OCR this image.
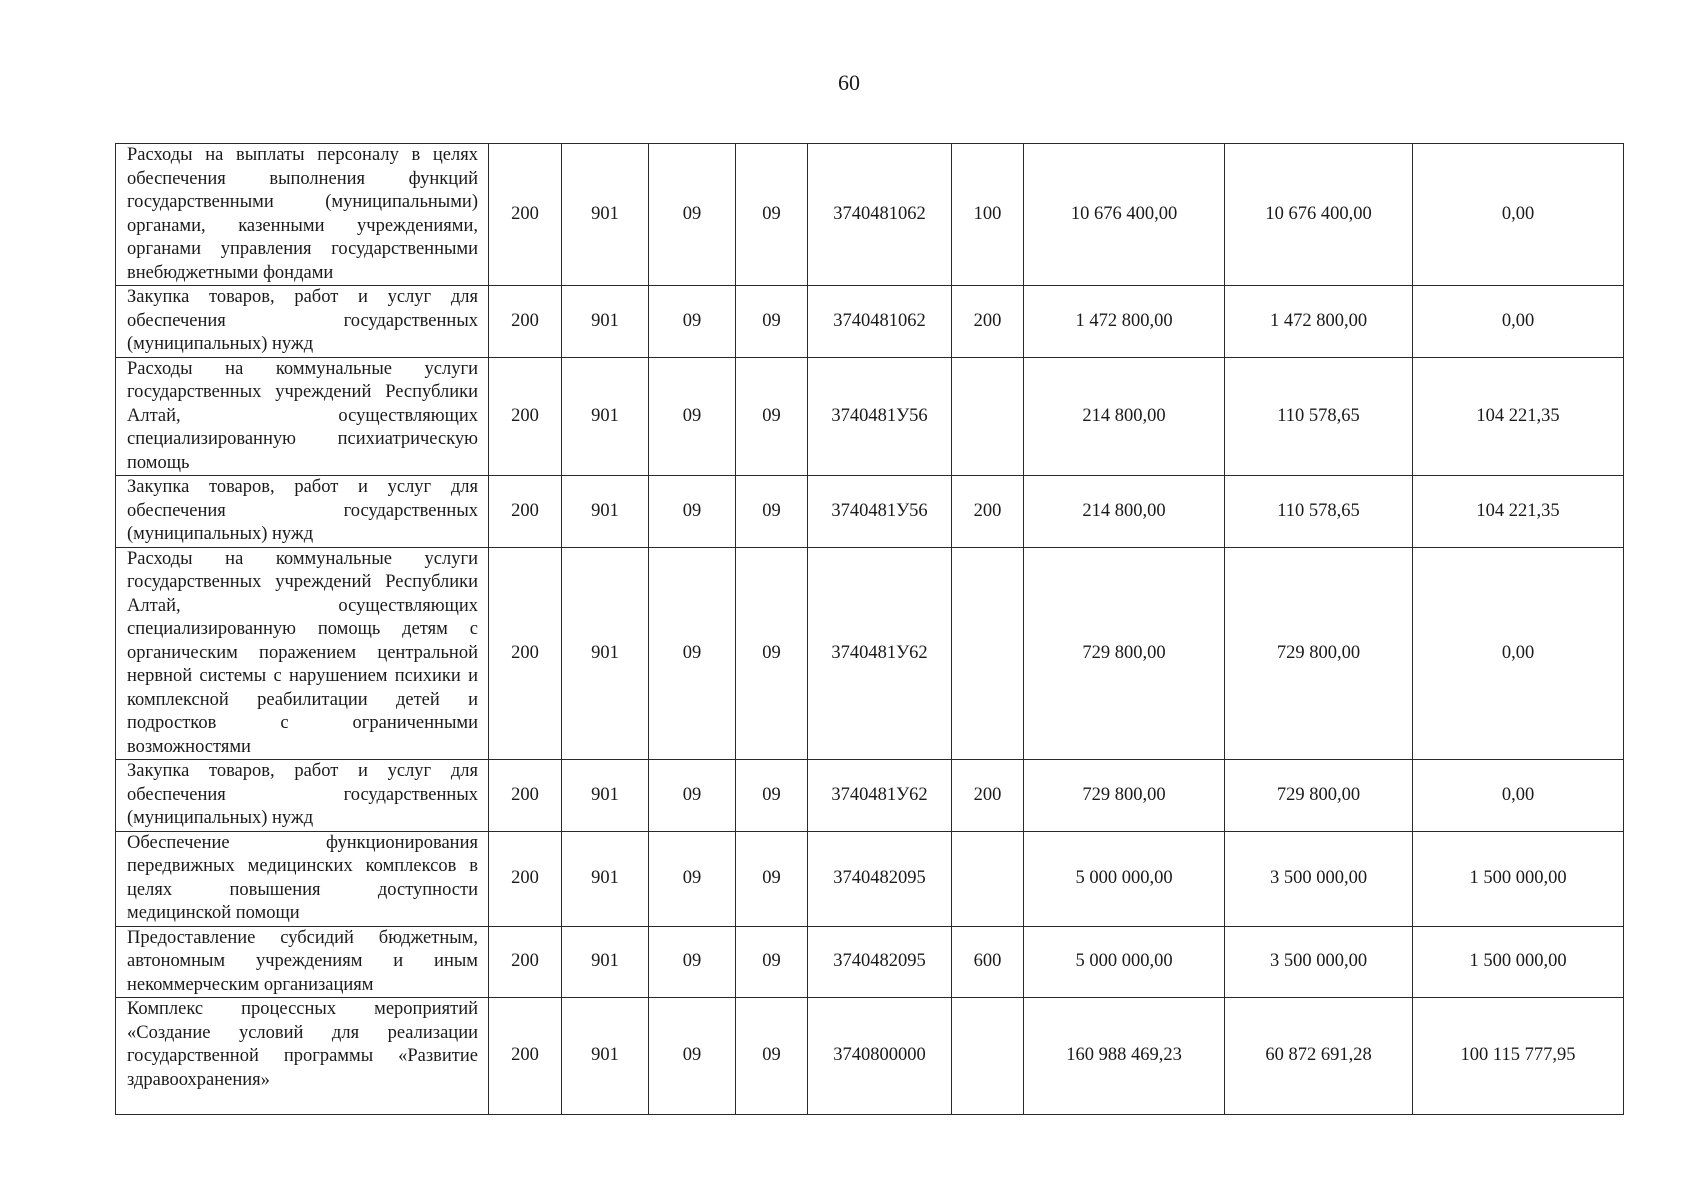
60
Расходы на выплаты персоналу в целях обеспечения выполнения функций государственными (муниципальными) органами, казенными учреждениями, органами управления государственными внебюджетными фондами	200	901	09	09	3740481062	100	10 676 400,00	10 676 400,00	0,00
Закупка товаров, работ и услуг для обеспечения государственных (муниципальных) нужд	200	901	09	09	3740481062	200	1 472 800,00	1 472 800,00	0,00
Расходы на коммунальные услуги государственных учреждений Республики Алтай, осуществляющих специализированную психиатрическую помощь	200	901	09	09	3740481У56		214 800,00	110 578,65	104 221,35
Закупка товаров, работ и услуг для обеспечения государственных (муниципальных) нужд	200	901	09	09	3740481У56	200	214 800,00	110 578,65	104 221,35
Расходы на коммунальные услуги государственных учреждений Республики Алтай, осуществляющих специализированную помощь детям с органическим поражением центральной нервной системы с нарушением психики и комплексной реабилитации детей и подростков с ограниченными возможностями	200	901	09	09	3740481У62		729 800,00	729 800,00	0,00
Закупка товаров, работ и услуг для обеспечения государственных (муниципальных) нужд	200	901	09	09	3740481У62	200	729 800,00	729 800,00	0,00
Обеспечение функционирования передвижных медицинских комплексов в целях повышения доступности медицинской помощи	200	901	09	09	3740482095		5 000 000,00	3 500 000,00	1 500 000,00
Предоставление субсидий бюджетным, автономным учреждениям и иным некоммерческим организациям	200	901	09	09	3740482095	600	5 000 000,00	3 500 000,00	1 500 000,00
Комплекс процессных мероприятий «Создание условий для реализации государственной программы «Развитие здравоохранения»	200	901	09	09	3740800000		160 988 469,23	60 872 691,28	100 115 777,95
